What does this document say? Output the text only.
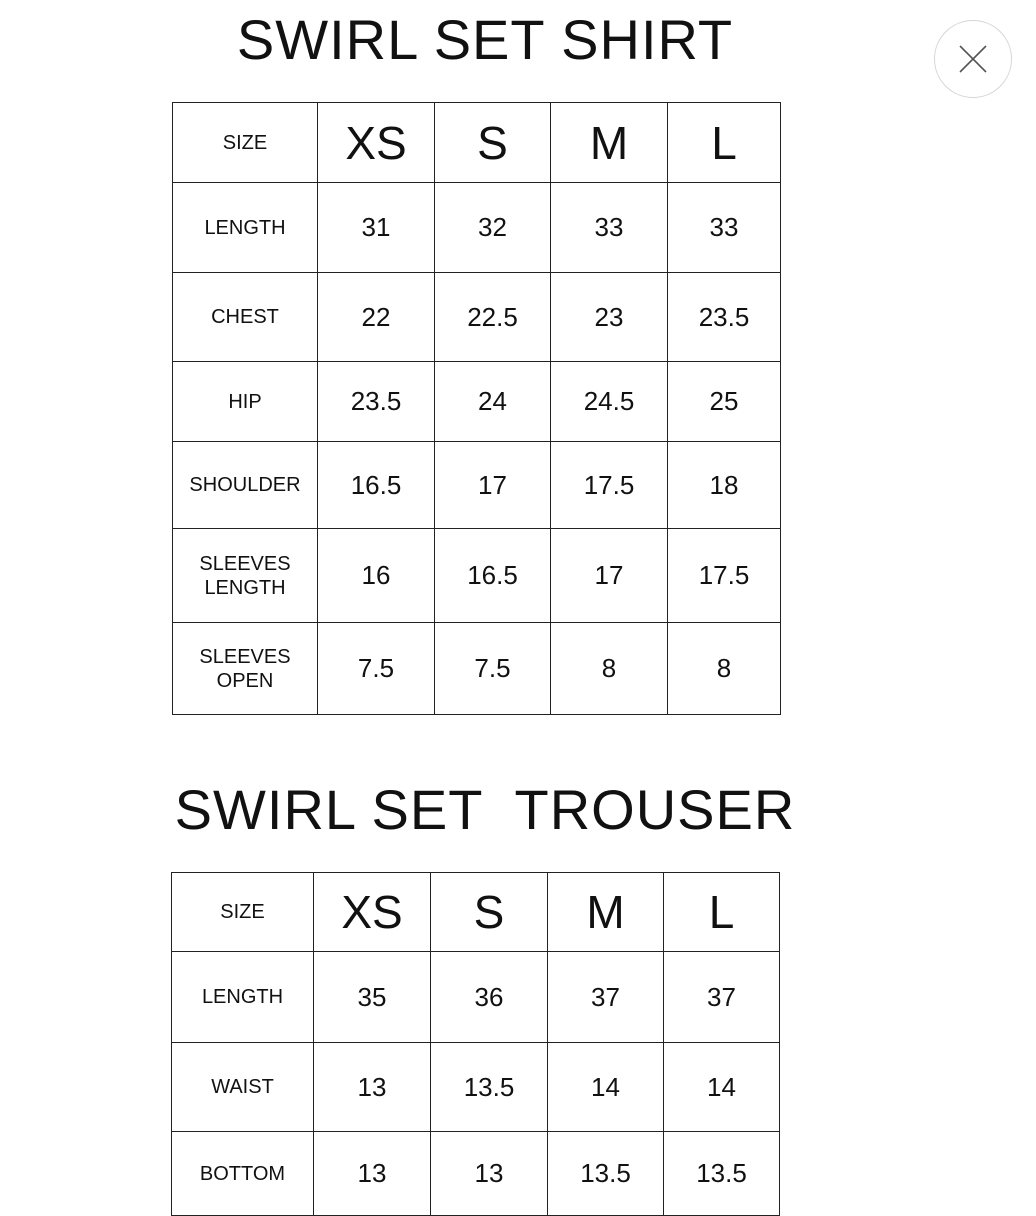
SWIRL SET SHIRT
SIZE	XS	S	M	L
LENGTH	31	32	33	33
CHEST	22	22.5	23	23.5
HIP	23.5	24	24.5	25
SHOULDER	16.5	17	17.5	18
SLEEVES
LENGTH	16	16.5	17	17.5
SLEEVES
OPEN	7.5	7.5	8	8
SWIRL SET  TROUSER
SIZE	XS	S	M	L
LENGTH	35	36	37	37
WAIST	13	13.5	14	14
BOTTOM	13	13	13.5	13.5
